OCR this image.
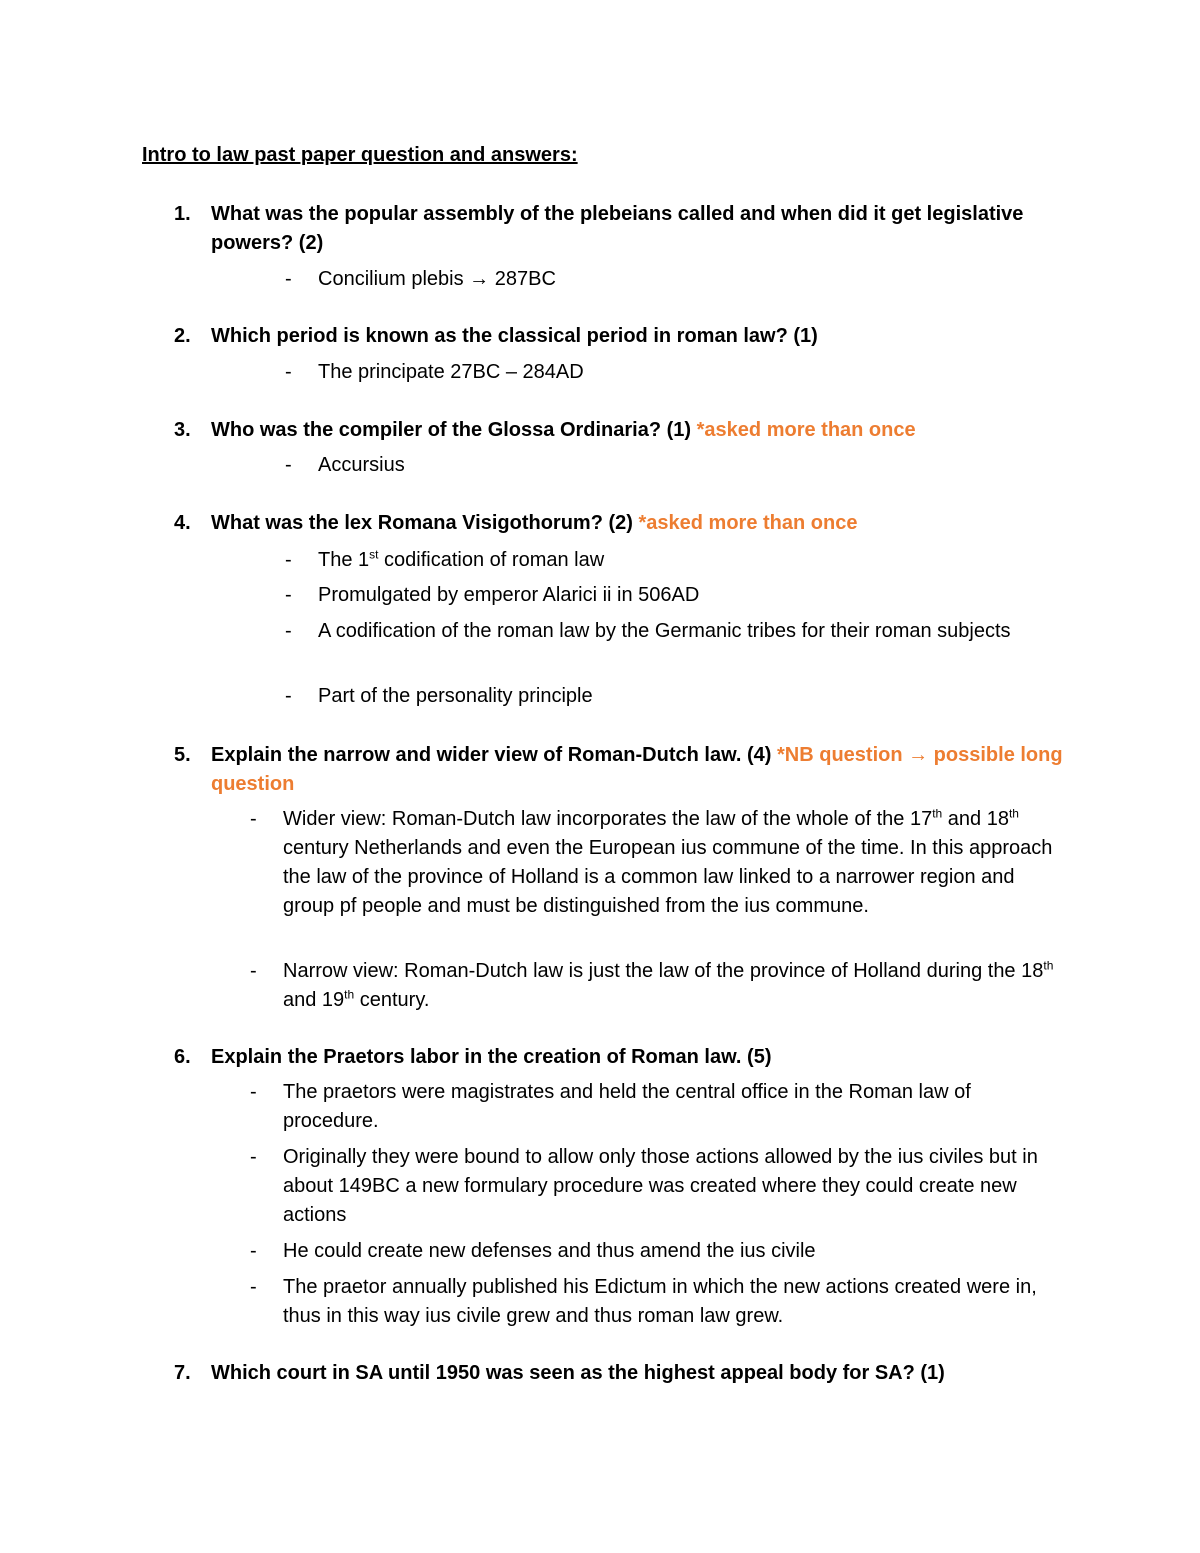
Intro to law past paper question and answers:
1. What was the popular assembly of the plebeians called and when did it get legislative powers? (2)
- Concilium plebis → 287BC
2. Which period is known as the classical period in roman law? (1)
- The principate 27BC – 284AD
3. Who was the compiler of the Glossa Ordinaria? (1) *asked more than once
- Accursius
4. What was the lex Romana Visigothorum? (2) *asked more than once
- The 1st codification of roman law
- Promulgated by emperor Alarici ii in 506AD
- A codification of the roman law by the Germanic tribes for their roman subjects
- Part of the personality principle
5. Explain the narrow and wider view of Roman-Dutch law. (4) *NB question → possible long question
- Wider view: Roman-Dutch law incorporates the law of the whole of the 17th and 18th century Netherlands and even the European ius commune of the time. In this approach the law of the province of Holland is a common law linked to a narrower region and group pf people and must be distinguished from the ius commune.
- Narrow view: Roman-Dutch law is just the law of the province of Holland during the 18th and 19th century.
6. Explain the Praetors labor in the creation of Roman law. (5)
- The praetors were magistrates and held the central office in the Roman law of procedure.
- Originally they were bound to allow only those actions allowed by the ius civiles but in about 149BC a new formulary procedure was created where they could create new actions
- He could create new defenses and thus amend the ius civile
- The praetor annually published his Edictum in which the new actions created were in, thus in this way ius civile grew and thus roman law grew.
7. Which court in SA until 1950 was seen as the highest appeal body for SA? (1)
